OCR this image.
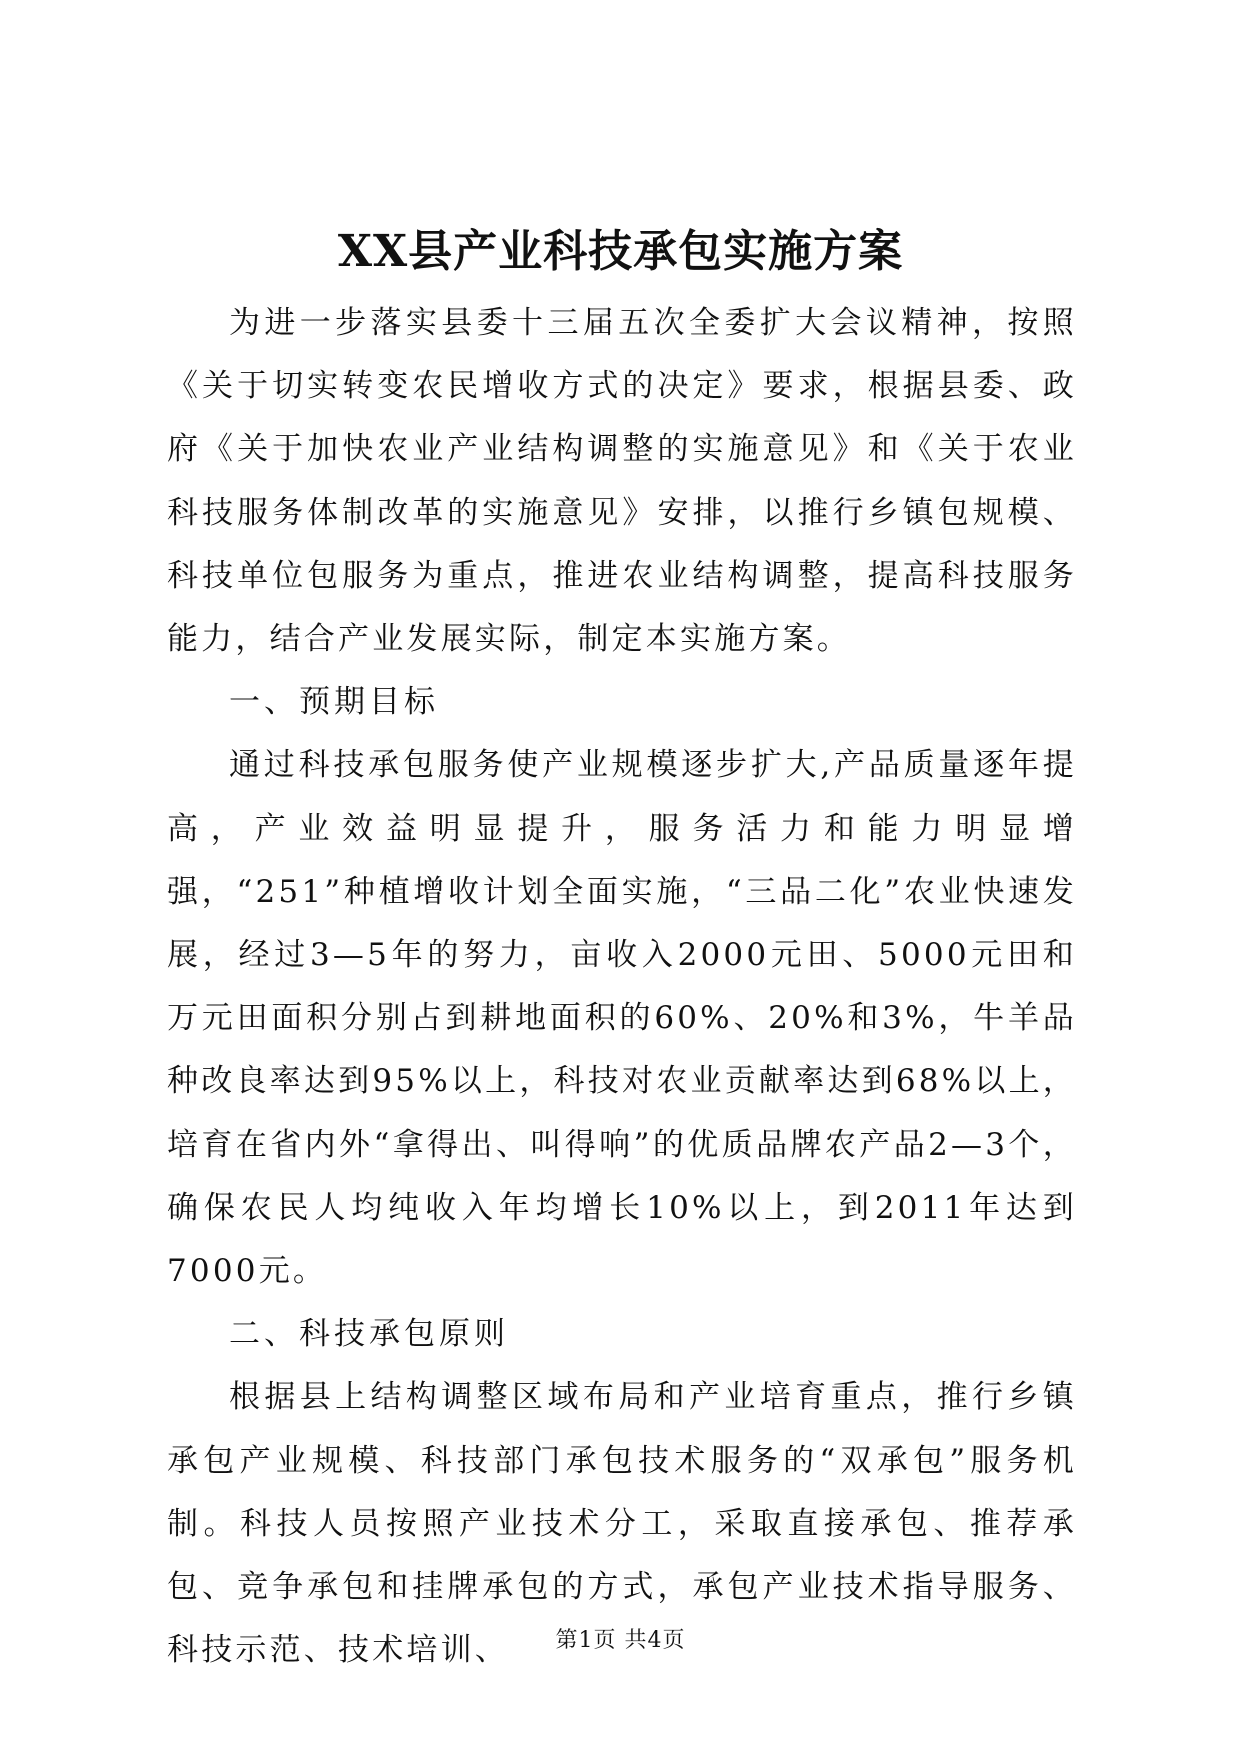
XX县产业科技承包实施方案

为进一步落实县委十三届五次全委扩大会议精神，按照《关于切实转变农民增收方式的决定》要求，根据县委、政府《关于加快农业产业结构调整的实施意见》和《关于农业科技服务体制改革的实施意见》安排，以推行乡镇包规模、科技单位包服务为重点，推进农业结构调整，提高科技服务能力，结合产业发展实际，制定本实施方案。

一、预期目标

通过科技承包服务使产业规模逐步扩大,产品质量逐年提高，产业效益明显提升，服务活力和能力明显增强，“251”种植增收计划全面实施，“三品二化”农业快速发展，经过3—5年的努力，亩收入2000元田、5000元田和万元田面积分别占到耕地面积的60%、20%和3%，牛羊品种改良率达到95%以上，科技对农业贡献率达到68%以上，培育在省内外“拿得出、叫得响”的优质品牌农产品2—3个，确保农民人均纯收入年均增长10%以上，到2011年达到7000元。

二、科技承包原则

根据县上结构调整区域布局和产业培育重点，推行乡镇承包产业规模、科技部门承包技术服务的“双承包”服务机制。科技人员按照产业技术分工，采取直接承包、推荐承包、竞争承包和挂牌承包的方式，承包产业技术指导服务、科技示范、技术培训、	第1页 共4页
